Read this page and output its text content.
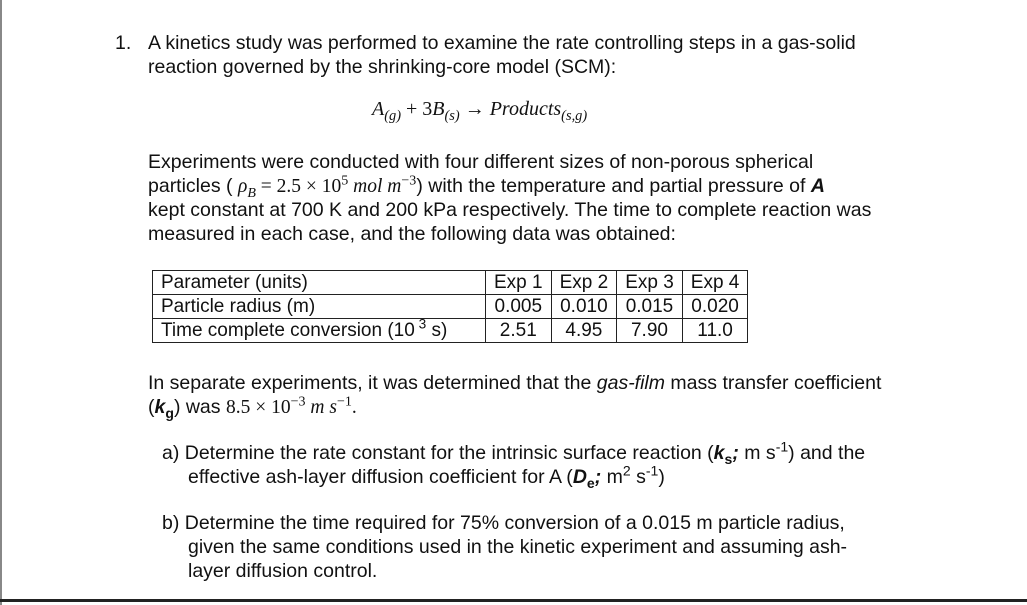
1. A kinetics study was performed to examine the rate controlling steps in a gas-solid
reaction governed by the shrinking-core model (SCM):
$A_{(g)} + 3B_{(s)}$ → Products$_{(s,g)}$
Experiments were conducted with four different sizes of non-porous spherical
particles ( $\rho_B = 2.5 \times 10^5$ mol $m^{-3}$) with the temperature and partial pressure of A
kept constant at 700 K and 200 kPa respectively. The time to complete reaction was
measured in each case, and the following data was obtained:
Parameter (units)	Exp 1	Exp 2	Exp 3	Exp 4
Particle radius (m)	0.005	0.010	0.015	0.020
Time complete conversion (10 $^3$ s)	2.51	4.95	7.90	11.0
In separate experiments, it was determined that the gas-film mass transfer coefficient
$(k_g)$ was $8.5 \times 10^{-3}$ m $s^{-1}$.
a) Determine the rate constant for the intrinsic surface reaction ($k_s$; m $s^{-1}$) and the
effective ash-layer diffusion coefficient for A ($D_e$; $m^2$ $s^{-1}$)
b) Determine the time required for 75% conversion of a 0.015 m particle radius,
given the same conditions used in the kinetic experiment and assuming ash-
layer diffusion control.
